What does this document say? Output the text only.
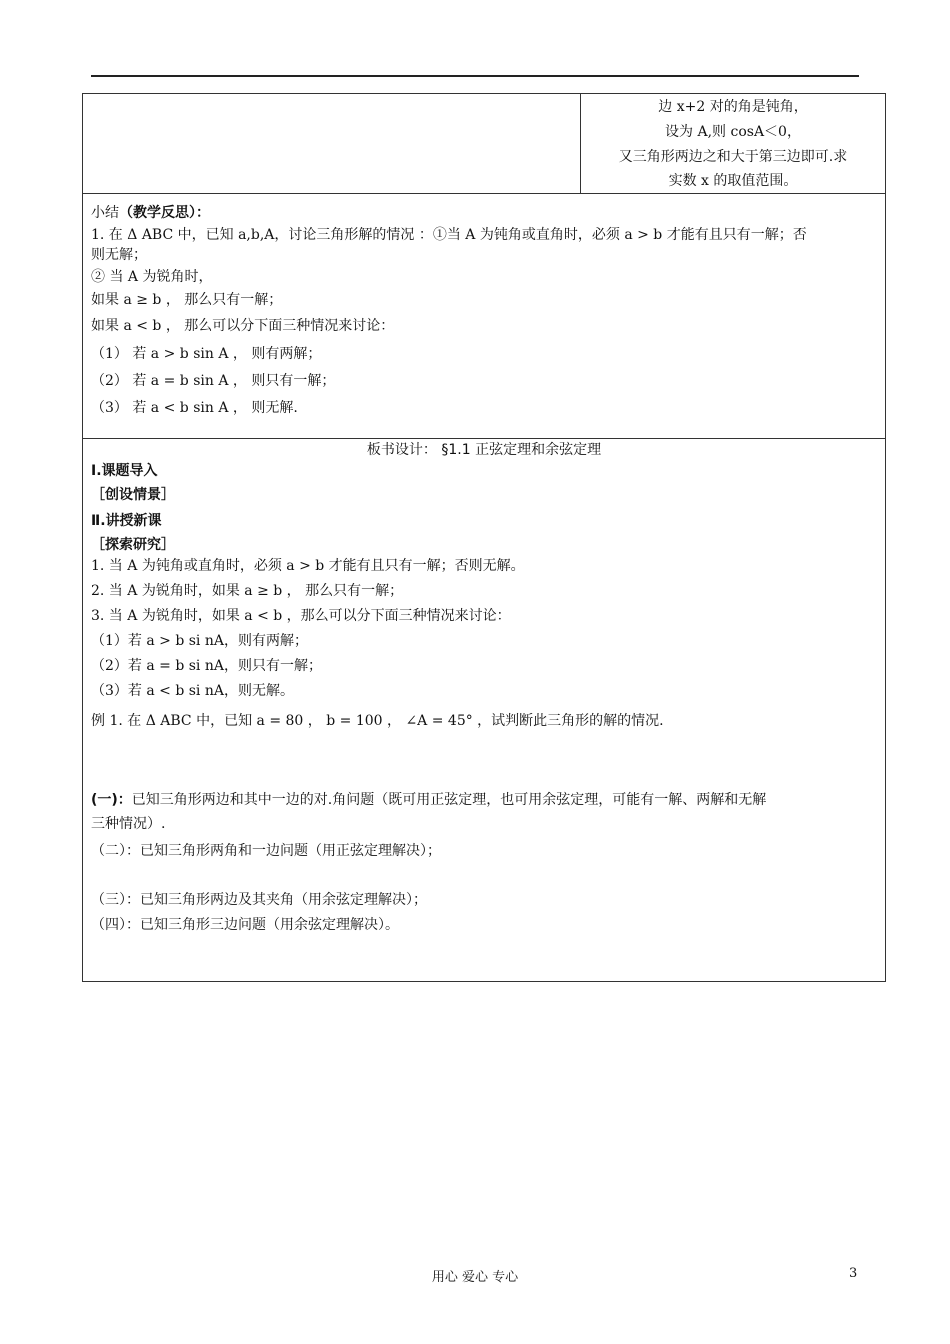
边 x+2 对的角是钝角，
设为 A,则 cosA＜0，
又三角形两边之和大于第三边即可.求
实数 x 的取值范围。
小结（教学反思）：
1. 在 Δ ABC 中，已知 a,b,A，讨论三角形解的情况 ：①当 A 为钝角或直角时，必须 a > b 才能有且只有一解；否
则无解；
② 当 A 为锐角时，
如果 a ≥ b ， 那么只有一解；
如果 a < b ， 那么可以分下面三种情况来讨论：
（1） 若 a > b sin A ， 则有两解；
（2） 若 a = b sin A ， 则只有一解；
（3） 若 a < b sin A ， 则无解.
板书设计： §1.1 正弦定理和余弦定理
Ⅰ.课题导入
［创设情景］
Ⅱ.讲授新课
［探索研究］
1. 当 A 为钝角或直角时，必须 a > b 才能有且只有一解；否则无解。
2. 当 A 为锐角时，如果 a ≥ b ， 那么只有一解；
3. 当 A 为锐角时，如果 a < b ，那么可以分下面三种情况来讨论：
（1）若 a > b si nA，则有两解；
（2）若 a = b si nA，则只有一解；
（3）若 a < b si nA，则无解。
例 1. 在 Δ ABC 中，已知 a = 80 ， b = 100 ， ∠A = 45° ，试判断此三角形的解的情况.
(一)：已知三角形两边和其中一边的对.角问题（既可用正弦定理，也可用余弦定理，可能有一解、两解和无解
三种情况）.
（二）：已知三角形两角和一边问题（用正弦定理解决）；
（三）：已知三角形两边及其夹角（用余弦定理解决）；
（四）：已知三角形三边问题（用余弦定理解决）。
用心 爱心 专心	3
